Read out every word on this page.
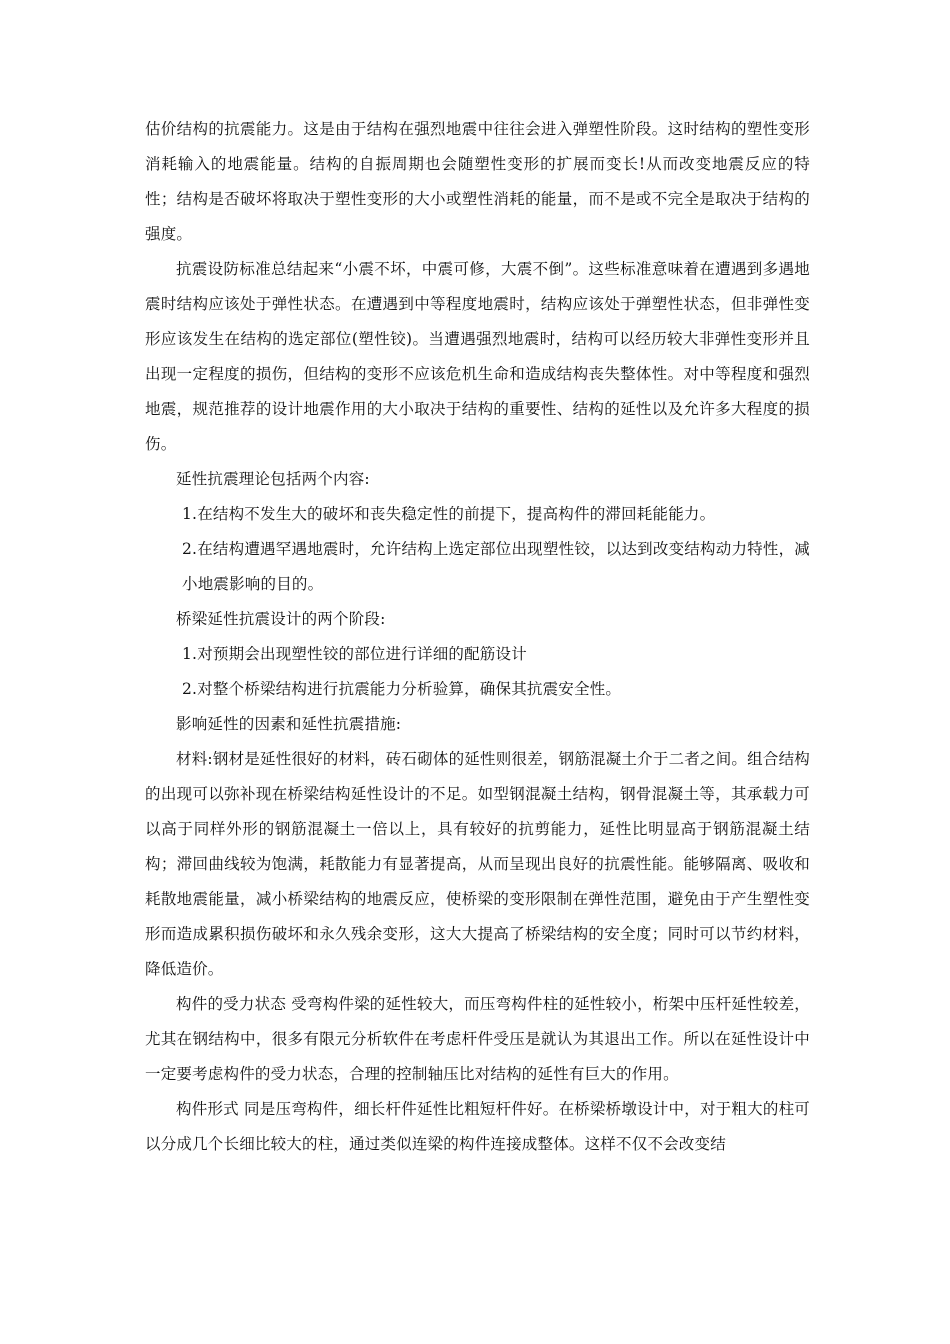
估价结构的抗震能力。这是由于结构在强烈地震中往往会进入弹塑性阶段。这时结构的塑性变形消耗输入的地震能量。结构的自振周期也会随塑性变形的扩展而变长!从而改变地震反应的特性；结构是否破坏将取决于塑性变形的大小或塑性消耗的能量，而不是或不完全是取决于结构的强度。

抗震设防标准总结起来“小震不坏，中震可修，大震不倒”。这些标准意味着在遭遇到多遇地震时结构应该处于弹性状态。在遭遇到中等程度地震时，结构应该处于弹塑性状态，但非弹性变形应该发生在结构的选定部位(塑性铰)。当遭遇强烈地震时，结构可以经历较大非弹性变形并且出现一定程度的损伤，但结构的变形不应该危机生命和造成结构丧失整体性。对中等程度和强烈地震，规范推荐的设计地震作用的大小取决于结构的重要性、结构的延性以及允许多大程度的损伤。

延性抗震理论包括两个内容:

1.在结构不发生大的破坏和丧失稳定性的前提下，提高构件的滞回耗能能力。

2.在结构遭遇罕遇地震时，允许结构上选定部位出现塑性铰，以达到改变结构动力特性，减小地震影响的目的。

桥梁延性抗震设计的两个阶段:

1.对预期会出现塑性铰的部位进行详细的配筋设计

2.对整个桥梁结构进行抗震能力分析验算，确保其抗震安全性。

影响延性的因素和延性抗震措施:

材料:钢材是延性很好的材料，砖石砌体的延性则很差，钢筋混凝土介于二者之间。组合结构的出现可以弥补现在桥梁结构延性设计的不足。如型钢混凝土结构，钢骨混凝土等，其承载力可以高于同样外形的钢筋混凝土一倍以上，具有较好的抗剪能力，延性比明显高于钢筋混凝土结构；滞回曲线较为饱满，耗散能力有显著提高，从而呈现出良好的抗震性能。能够隔离、吸收和耗散地震能量，减小桥梁结构的地震反应，使桥梁的变形限制在弹性范围，避免由于产生塑性变形而造成累积损伤破坏和永久残余变形，这大大提高了桥梁结构的安全度；同时可以节约材料，降低造价。

构件的受力状态 受弯构件梁的延性较大，而压弯构件柱的延性较小，桁架中压杆延性较差，尤其在钢结构中，很多有限元分析软件在考虑杆件受压是就认为其退出工作。所以在延性设计中一定要考虑构件的受力状态，合理的控制轴压比对结构的延性有巨大的作用。

构件形式 同是压弯构件，细长杆件延性比粗短杆件好。在桥梁桥墩设计中，对于粗大的柱可以分成几个长细比较大的柱，通过类似连梁的构件连接成整体。这样不仅不会改变结
